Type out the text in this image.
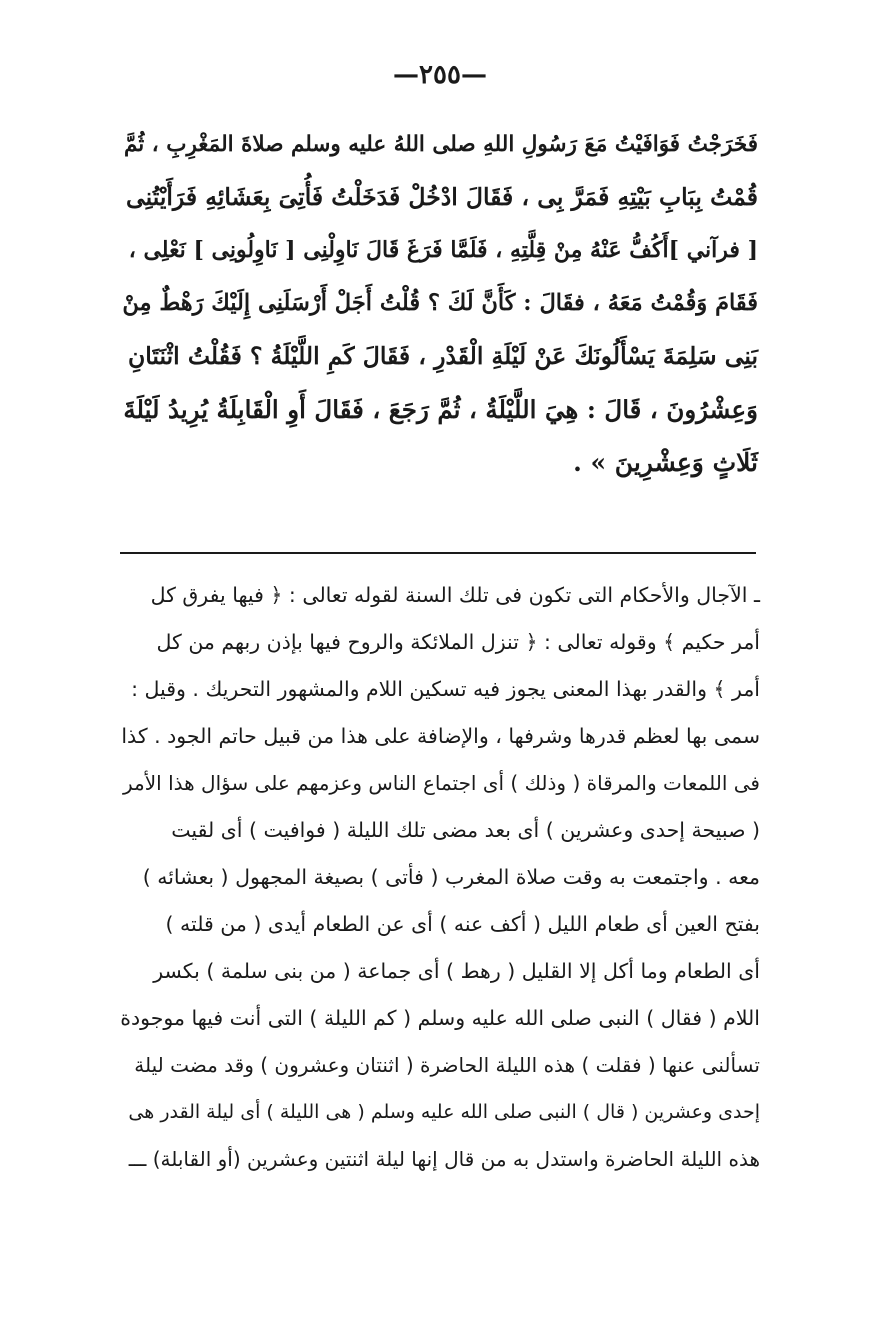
—٢٥٥—
فَخَرَجْتُ فَوَافَيْتُ مَعَ رَسُولِ اللهِ صلى اللهُ عليه وسلم صلاةَ المَغْرِبِ ، ثُمَّ
قُمْتُ بِبَابِ بَيْتِهِ فَمَرَّ بِى ، فَقَالَ ادْخُلْ فَدَخَلْتُ فَأُتِىَ بِعَشَائِهِ فَرَأَيْتُنِى
[ فرآني ]أَكُفُّ عَنْهُ مِنْ قِلَّتِهِ ، فَلَمَّا فَرَغَ قَالَ نَاوِلْنِى [ نَاوِلُونِى ] نَعْلِى ،
فَقَامَ وَقُمْتُ مَعَهُ ، فقَالَ : كَأَنَّ لَكَ ؟ قُلْتُ أَجَلْ أَرْسَلَنِى إِلَيْكَ رَهْطٌ مِنْ
بَنِى سَلِمَةَ يَسْأَلُونَكَ عَنْ لَيْلَةِ الْقَدْرِ ، فَقَالَ كَمِ اللَّيْلَةُ ؟ فَقُلْتُ اثْنَتَانِ
وَعِشْرُونَ ، قَالَ : هِيَ اللَّيْلَةُ ، ثُمَّ رَجَعَ ، فَقَالَ أَوِ الْقَابِلَةُ يُرِيدُ لَيْلَةَ
ثَلَاثٍ وَعِشْرِينَ » .
ـ الآجال والأحكام التى تكون فى تلك السنة لقوله تعالى : ﴿ فيها يفرق كل
أمر حكيم ﴾ وقوله تعالى : ﴿ تنزل الملائكة والروح فيها بإذن ربهم من كل
أمر ﴾ والقدر بهذا المعنى يجوز فيه تسكين اللام والمشهور التحريك . وقيل :
سمى بها لعظم قدرها وشرفها ، والإضافة على هذا من قبيل حاتم الجود . كذا
فى اللمعات والمرقاة ( وذلك ) أى اجتماع الناس وعزمهم على سؤال هذا الأمر
( صبيحة إحدى وعشرين ) أى بعد مضى تلك الليلة ( فوافيت ) أى لقيت
معه . واجتمعت به وقت صلاة المغرب ( فأتى ) بصيغة المجهول ( بعشائه )
بفتح العين أى طعام الليل ( أكف عنه ) أى عن الطعام أيدى ( من قلته )
أى الطعام وما أكل إلا القليل ( رهط ) أى جماعة ( من بنى سلمة ) بكسر
اللام ( فقال ) النبى صلى الله عليه وسلم ( كم الليلة ) التى أنت فيها موجودة
تسألنى عنها ( فقلت ) هذه الليلة الحاضرة ( اثنتان وعشرون ) وقد مضت ليلة
إحدى وعشرين ( قال ) النبى صلى الله عليه وسلم ( هى الليلة ) أى ليلة القدر هى
هذه الليلة الحاضرة واستدل به من قال إنها ليلة اثنتين وعشرين (أو القابلة) ـــ
